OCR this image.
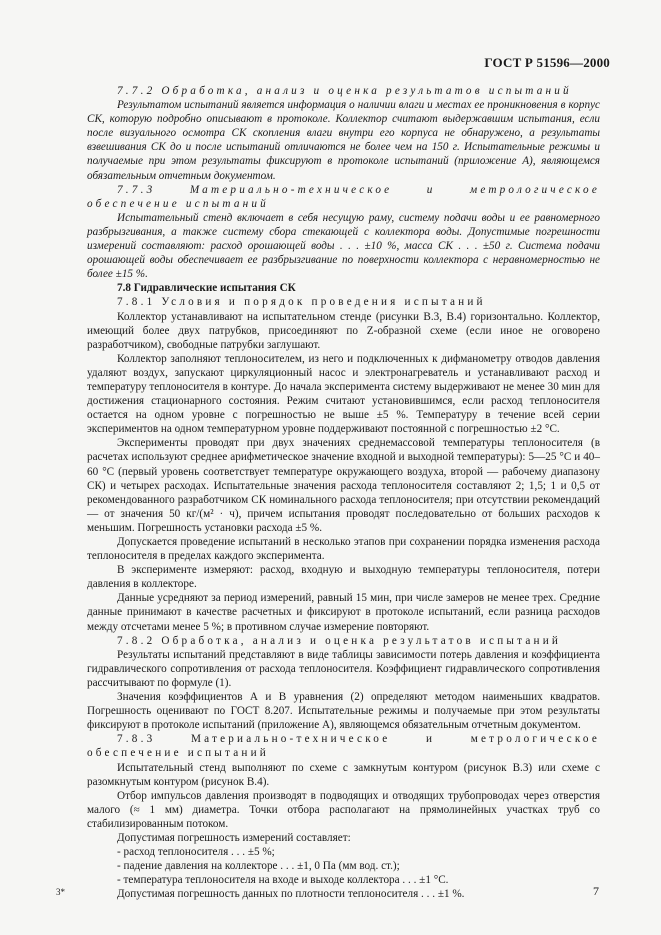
ГОСТ Р 51596—2000

7.7.2 Обработка, анализ и оценка результатов испытаний

Результатом испытаний является информация о наличии влаги и местах ее проникновения в корпус СК, которую подробно описывают в протоколе. Коллектор считают выдержавшим испытания, если после визуального осмотра СК скопления влаги внутри его корпуса не обнаружено, а результаты взвешивания СК до и после испытаний отличаются не более чем на 150 г. Испытательные режимы и получаемые при этом результаты фиксируют в протоколе испытаний (приложение А), являющемся обязательным отчетным документом.

7.7.3 Материально-техническое и метрологическое обеспечение испытаний

Испытательный стенд включает в себя несущую раму, систему подачи воды и ее равномерного разбрызгивания, а также систему сбора стекающей с коллектора воды. Допустимые погрешности измерений составляют: расход орошающей воды . . . ±10 %, масса СК . . . ±50 г. Система подачи орошающей воды обеспечивает ее разбрызгивание по поверхности коллектора с неравномерностью не более ±15 %.

7.8 Гидравлические испытания СК

7.8.1 Условия и порядок проведения испытаний

Коллектор устанавливают на испытательном стенде (рисунки В.3, В.4) горизонтально. Коллектор, имеющий более двух патрубков, присоединяют по Z-образной схеме (если иное не оговорено разработчиком), свободные патрубки заглушают.

Коллектор заполняют теплоносителем, из него и подключенных к дифманометру отводов давления удаляют воздух, запускают циркуляционный насос и электронагреватель и устанавливают расход и температуру теплоносителя в контуре. До начала эксперимента систему выдерживают не менее 30 мин для достижения стационарного состояния. Режим считают установившимся, если расход теплоносителя остается на одном уровне с погрешностью не выше ±5 %. Температуру в течение всей серии экспериментов на одном температурном уровне поддерживают постоянной с погрешностью ±2 °С.

Эксперименты проводят при двух значениях среднемассовой температуры теплоносителя (в расчетах используют среднее арифметическое значение входной и выходной температуры): 5—25 °С и 40– 60 °С (первый уровень соответствует температуре окружающего воздуха, второй — рабочему диапазону СК) и четырех расходах. Испытательные значения расхода теплоносителя составляют 2; 1,5; 1 и 0,5 от рекомендованного разработчиком СК номинального расхода теплоносителя; при отсутствии рекомендаций — от значения 50 кг/(м² · ч), причем испытания проводят последовательно от больших расходов к меньшим. Погрешность установки расхода ±5 %.

Допускается проведение испытаний в несколько этапов при сохранении порядка изменения расхода теплоносителя в пределах каждого эксперимента.

В эксперименте измеряют: расход, входную и выходную температуры теплоносителя, потери давления в коллекторе.

Данные усредняют за период измерений, равный 15 мин, при числе замеров не менее трех. Средние данные принимают в качестве расчетных и фиксируют в протоколе испытаний, если разница расходов между отсчетами менее 5 %; в противном случае измерение повторяют.

7.8.2 Обработка, анализ и оценка результатов испытаний

Результаты испытаний представляют в виде таблицы зависимости потерь давления и коэффициента гидравлического сопротивления от расхода теплоносителя. Коэффициент гидравлического сопротивления рассчитывают по формуле (1).

Значения коэффициентов А и В уравнения (2) определяют методом наименьших квадратов. Погрешность оценивают по ГОСТ 8.207. Испытательные режимы и получаемые при этом результаты фиксируют в протоколе испытаний (приложение А), являющемся обязательным отчетным документом.

7.8.3 Материально-техническое и метрологическое обеспечение испытаний

Испытательный стенд выполняют по схеме с замкнутым контуром (рисунок В.3) или схеме с разомкнутым контуром (рисунок В.4).

Отбор импульсов давления производят в подводящих и отводящих трубопроводах через отверстия малого (≈ 1 мм) диаметра. Точки отбора располагают на прямолинейных участках труб со стабилизированным потоком.

Допустимая погрешность измерений составляет:

- расход теплоносителя . . . ±5 %;

- падение давления на коллекторе . . . ±1, 0 Па (мм вод. ст.);

- температура теплоносителя на входе и выходе коллектора . . . ±1 °С.

Допустимая погрешность данных по плотности теплоносителя . . . ±1 %.

3*	7
